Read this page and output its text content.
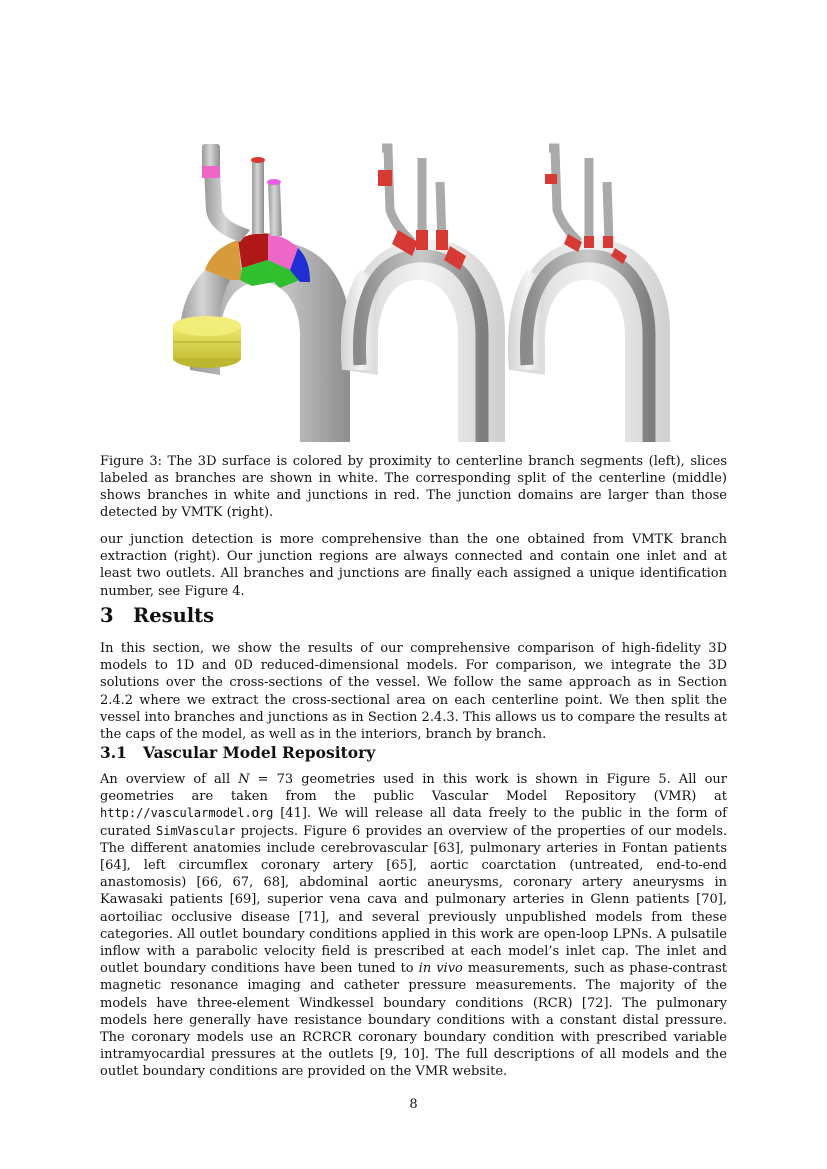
Figure 3: The 3D surface is colored by proximity to centerline branch segments (left), slices labeled as branches are shown in white. The corresponding split of the centerline (middle) shows branches in white and junctions in red. The junction domains are larger than those detected by VMTK (right).

our junction detection is more comprehensive than the one obtained from VMTK branch extraction (right). Our junction regions are always connected and contain one inlet and at least two outlets. All branches and junctions are finally each assigned a unique identification number, see Figure 4.

3 Results

In this section, we show the results of our comprehensive comparison of high-fidelity 3D models to 1D and 0D reduced-dimensional models. For comparison, we integrate the 3D solutions over the cross-sections of the vessel. We follow the same approach as in Section 2.4.2 where we extract the cross-sectional area on each centerline point. We then split the vessel into branches and junctions as in Section 2.4.3. This allows us to compare the results at the caps of the model, as well as in the interiors, branch by branch.

3.1 Vascular Model Repository

An overview of all N = 73 geometries used in this work is shown in Figure 5. All our geometries are taken from the public Vascular Model Repository (VMR) at http://vascularmodel.org [41]. We will release all data freely to the public in the form of curated SimVascular projects. Figure 6 provides an overview of the properties of our models. The different anatomies include cerebrovascular [63], pulmonary arteries in Fontan patients [64], left circumflex coronary artery [65], aortic coarctation (untreated, end-to-end anastomosis) [66, 67, 68], abdominal aortic aneurysms, coronary artery aneurysms in Kawasaki patients [69], superior vena cava and pulmonary arteries in Glenn patients [70], aortoiliac occlusive disease [71], and several previously unpublished models from these categories. All outlet boundary conditions applied in this work are open-loop LPNs. A pulsatile inflow with a parabolic velocity field is prescribed at each model’s inlet cap. The inlet and outlet boundary conditions have been tuned to in vivo measurements, such as phase-contrast magnetic resonance imaging and catheter pressure measurements. The majority of the models have three-element Windkessel boundary conditions (RCR) [72]. The pulmonary models here generally have resistance boundary conditions with a constant distal pressure. The coronary models use an RCRCR coronary boundary condition with prescribed variable intramyocardial pressures at the outlets [9, 10]. The full descriptions of all models and the outlet boundary conditions are provided on the VMR website.

8
